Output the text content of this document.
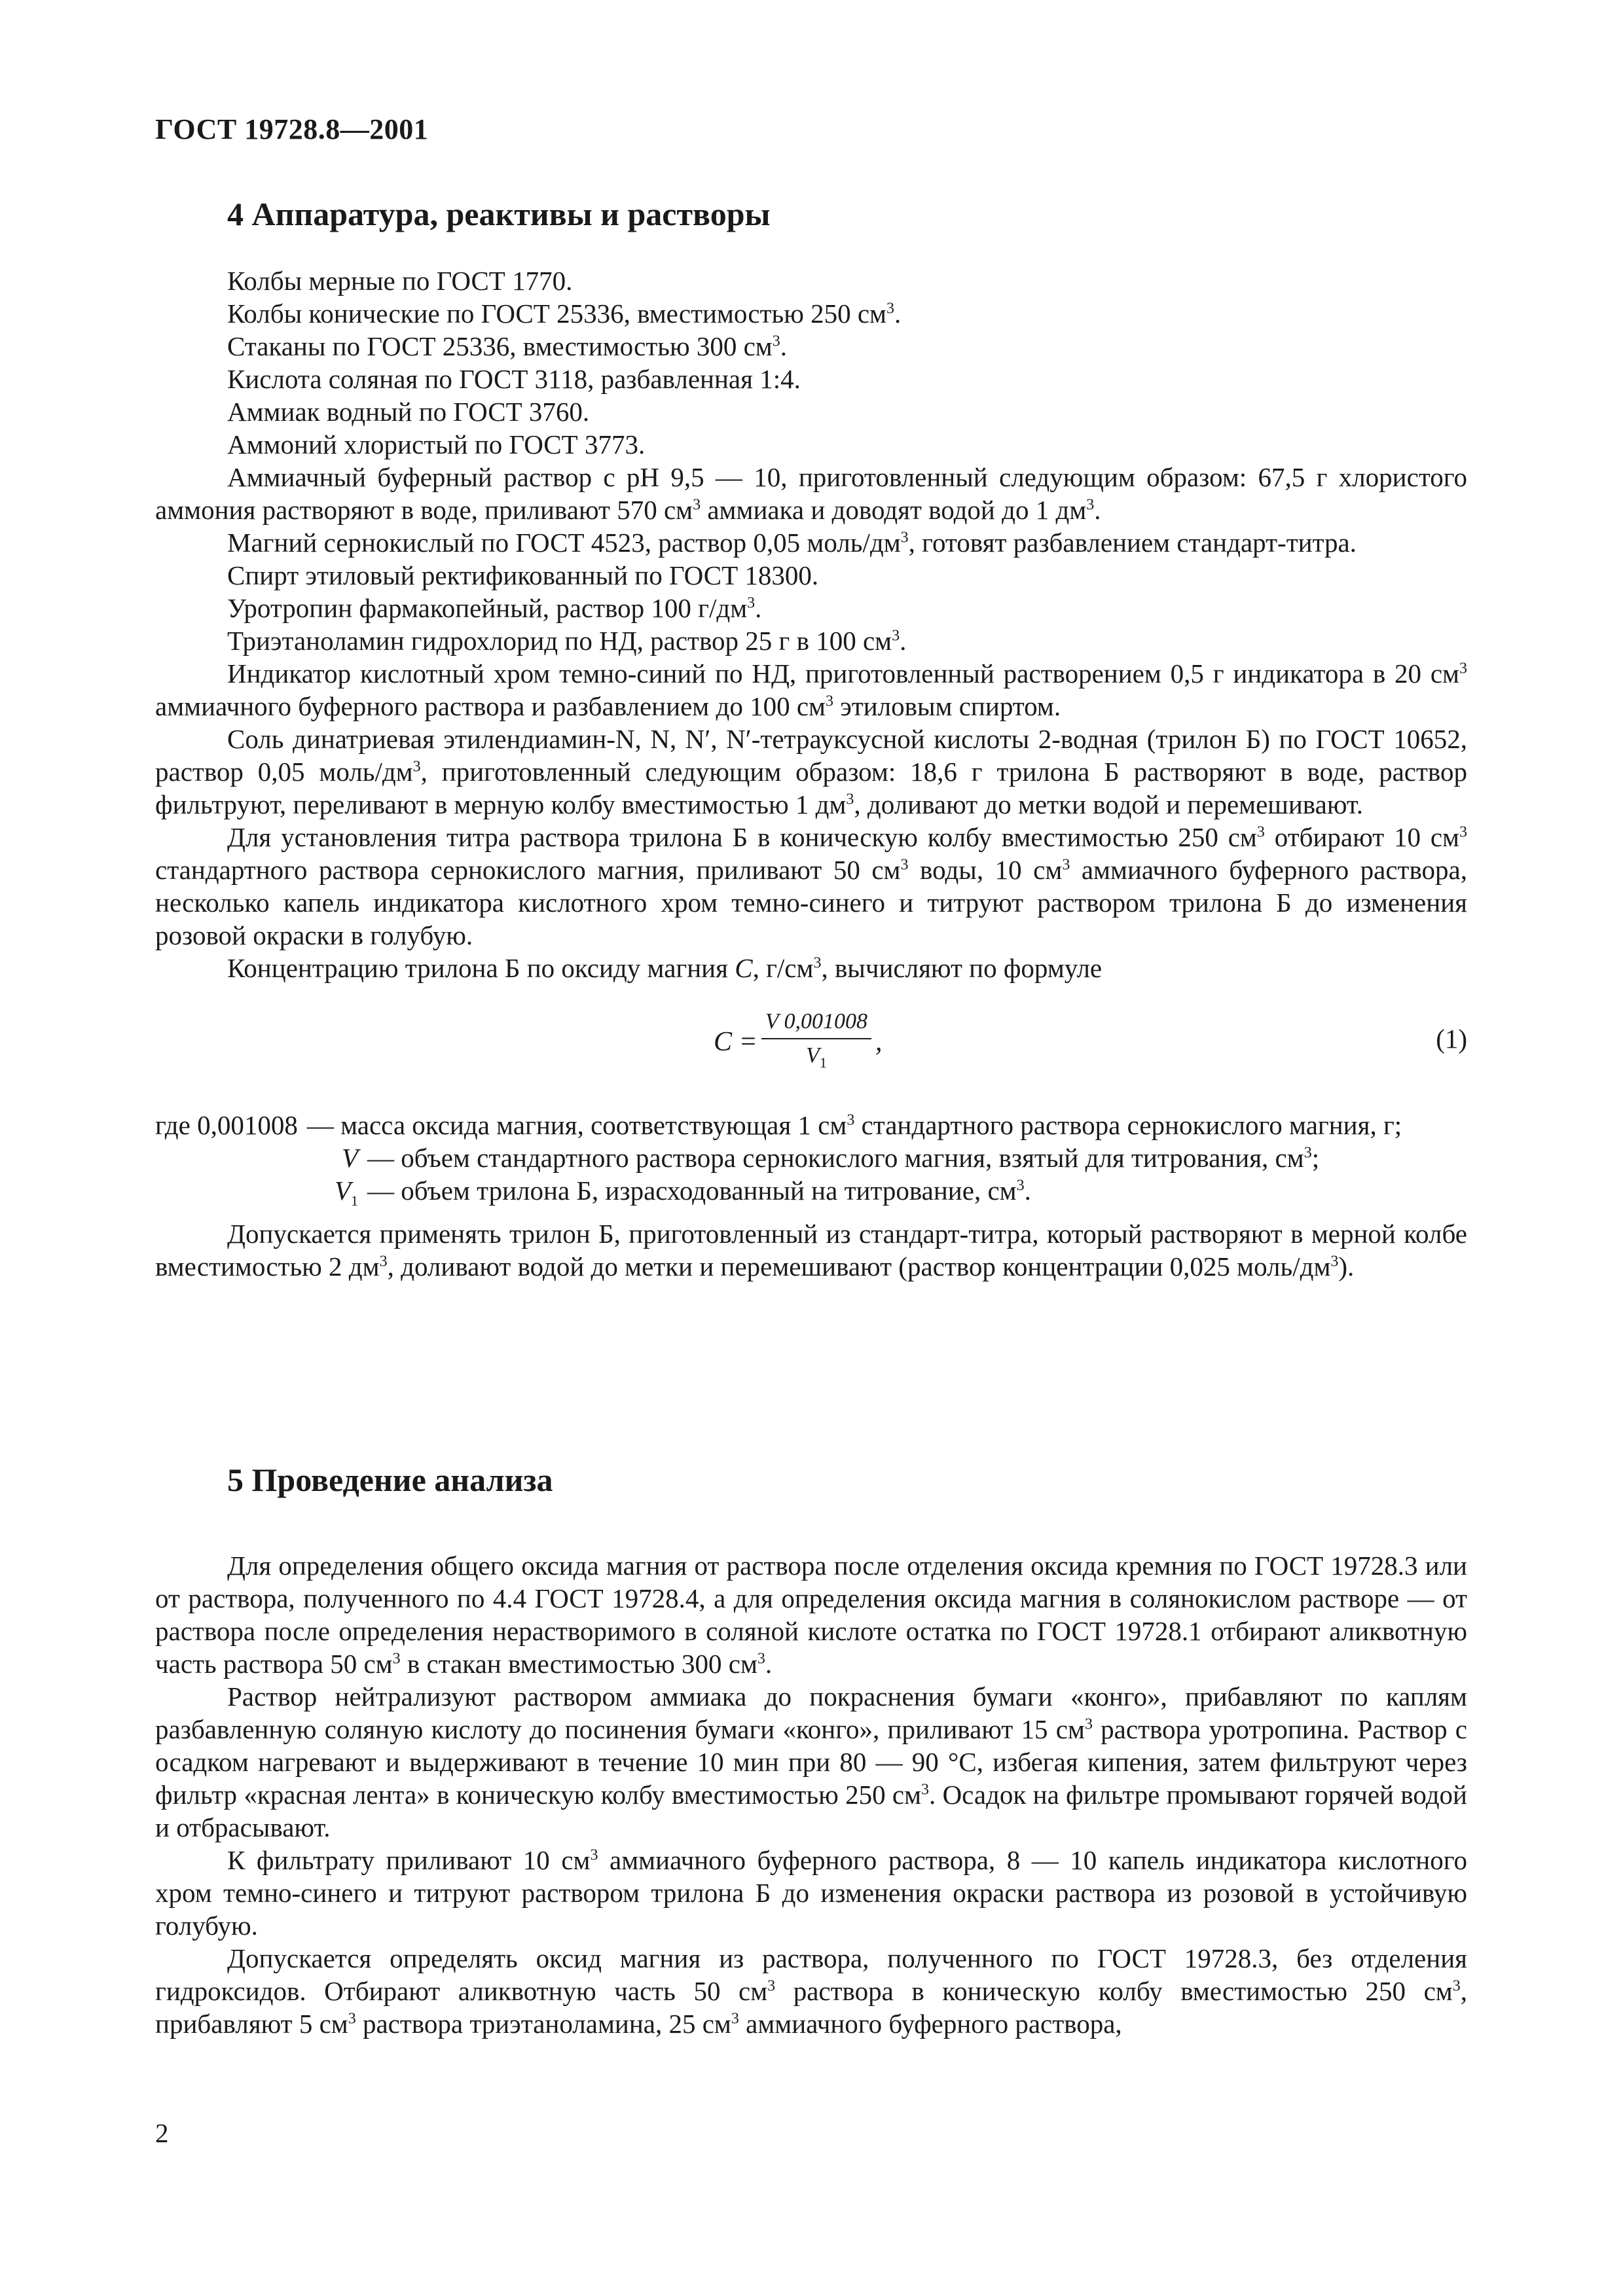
ГОСТ 19728.8—2001
4 Аппаратура, реактивы и растворы

Колбы мерные по ГОСТ 1770.

Колбы конические по ГОСТ 25336, вместимостью 250 $см^3$.

Стаканы по ГОСТ 25336, вместимостью 300 $см^3$.

Кислота соляная по ГОСТ 3118, разбавленная 1:4.

Аммиак водный по ГОСТ 3760.

Аммоний хлористый по ГОСТ 3773.

Аммиачный буферный раствор с рН 9,5 — 10, приготовленный следующим образом: 67,5 г хлористого аммония растворяют в воде, приливают 570 $см^3$ аммиака и доводят водой до 1 $дм^3$.

Магний сернокислый по ГОСТ 4523, раствор 0,05 моль/$дм^3$, готовят разбавлением стандарт-титра.

Спирт этиловый ректификованный по ГОСТ 18300.

Уротропин фармакопейный, раствор 100 $г/дм^3$.

Триэтаноламин гидрохлорид по НД, раствор 25 г в 100 $см^3$.

Индикатор кислотный хром темно-синий по НД, приготовленный растворением 0,5 г индикатора в 20 $см^3$ аммиачного буферного раствора и разбавлением до 100 $см^3$ этиловым спиртом.

Соль динатриевая этилендиамин-N, N, N′, N′-тетрауксусной кислоты 2-водная (трилон Б) по ГОСТ 10652, раствор 0,05 моль/$дм^3$, приготовленный следующим образом: 18,6 г трилона Б растворяют в воде, раствор фильтруют, переливают в мерную колбу вместимостью 1 $дм^3$, доливают до метки водой и перемешивают.

Для установления титра раствора трилона Б в коническую колбу вместимостью 250 $см^3$ отбирают 10 $см^3$ стандартного раствора сернокислого магния, приливают 50 $см^3$ воды, 10 $см^3$ аммиачного буферного раствора, несколько капель индикатора кислотного хром темно-синего и титруют раствором трилона Б до изменения розовой окраски в голубую.

Концентрацию трилона Б по оксиду магния C, $г/см^3$, вычисляют по формуле

$C = \frac{V 0,001008}{V_1}$ ,	(1)
где 0,001008 — масса оксида магния, соответствующая 1 $см^3$ стандартного раствора сернокислого магния, г;
V — объем стандартного раствора сернокислого магния, взятый для титрования, $см^3$;
$V_1$ — объем трилона Б, израсходованный на титрование, $см^3$.

Допускается применять трилон Б, приготовленный из стандарт-титра, который растворяют в мерной колбе вместимостью 2 $дм^3$, доливают водой до метки и перемешивают (раствор концентрации 0,025 моль/$дм^3$).

5 Проведение анализа

Для определения общего оксида магния от раствора после отделения оксида кремния по ГОСТ 19728.3 или от раствора, полученного по 4.4 ГОСТ 19728.4, а для определения оксида магния в солянокислом растворе — от раствора после определения нерастворимого в соляной кислоте остатка по ГОСТ 19728.1 отбирают аликвотную часть раствора 50 $см^3$ в стакан вместимостью 300 $см^3$.

Раствор нейтрализуют раствором аммиака до покраснения бумаги «конго», прибавляют по каплям разбавленную соляную кислоту до посинения бумаги «конго», приливают 15 $см^3$ раствора уротропина. Раствор с осадком нагревают и выдерживают в течение 10 мин при 80 — 90 °С, избегая кипения, затем фильтруют через фильтр «красная лента» в коническую колбу вместимостью 250 $см^3$. Осадок на фильтре промывают горячей водой и отбрасывают.

К фильтрату приливают 10 $см^3$ аммиачного буферного раствора, 8 — 10 капель индикатора кислотного хром темно-синего и титруют раствором трилона Б до изменения окраски раствора из розовой в устойчивую голубую.

Допускается определять оксид магния из раствора, полученного по ГОСТ 19728.3, без отделения гидроксидов. Отбирают аликвотную часть 50 $см^3$ раствора в коническую колбу вместимостью 250 $см^3$, прибавляют 5 $см^3$ раствора триэтаноламина, 25 $см^3$ аммиачного буферного раствора,

2
